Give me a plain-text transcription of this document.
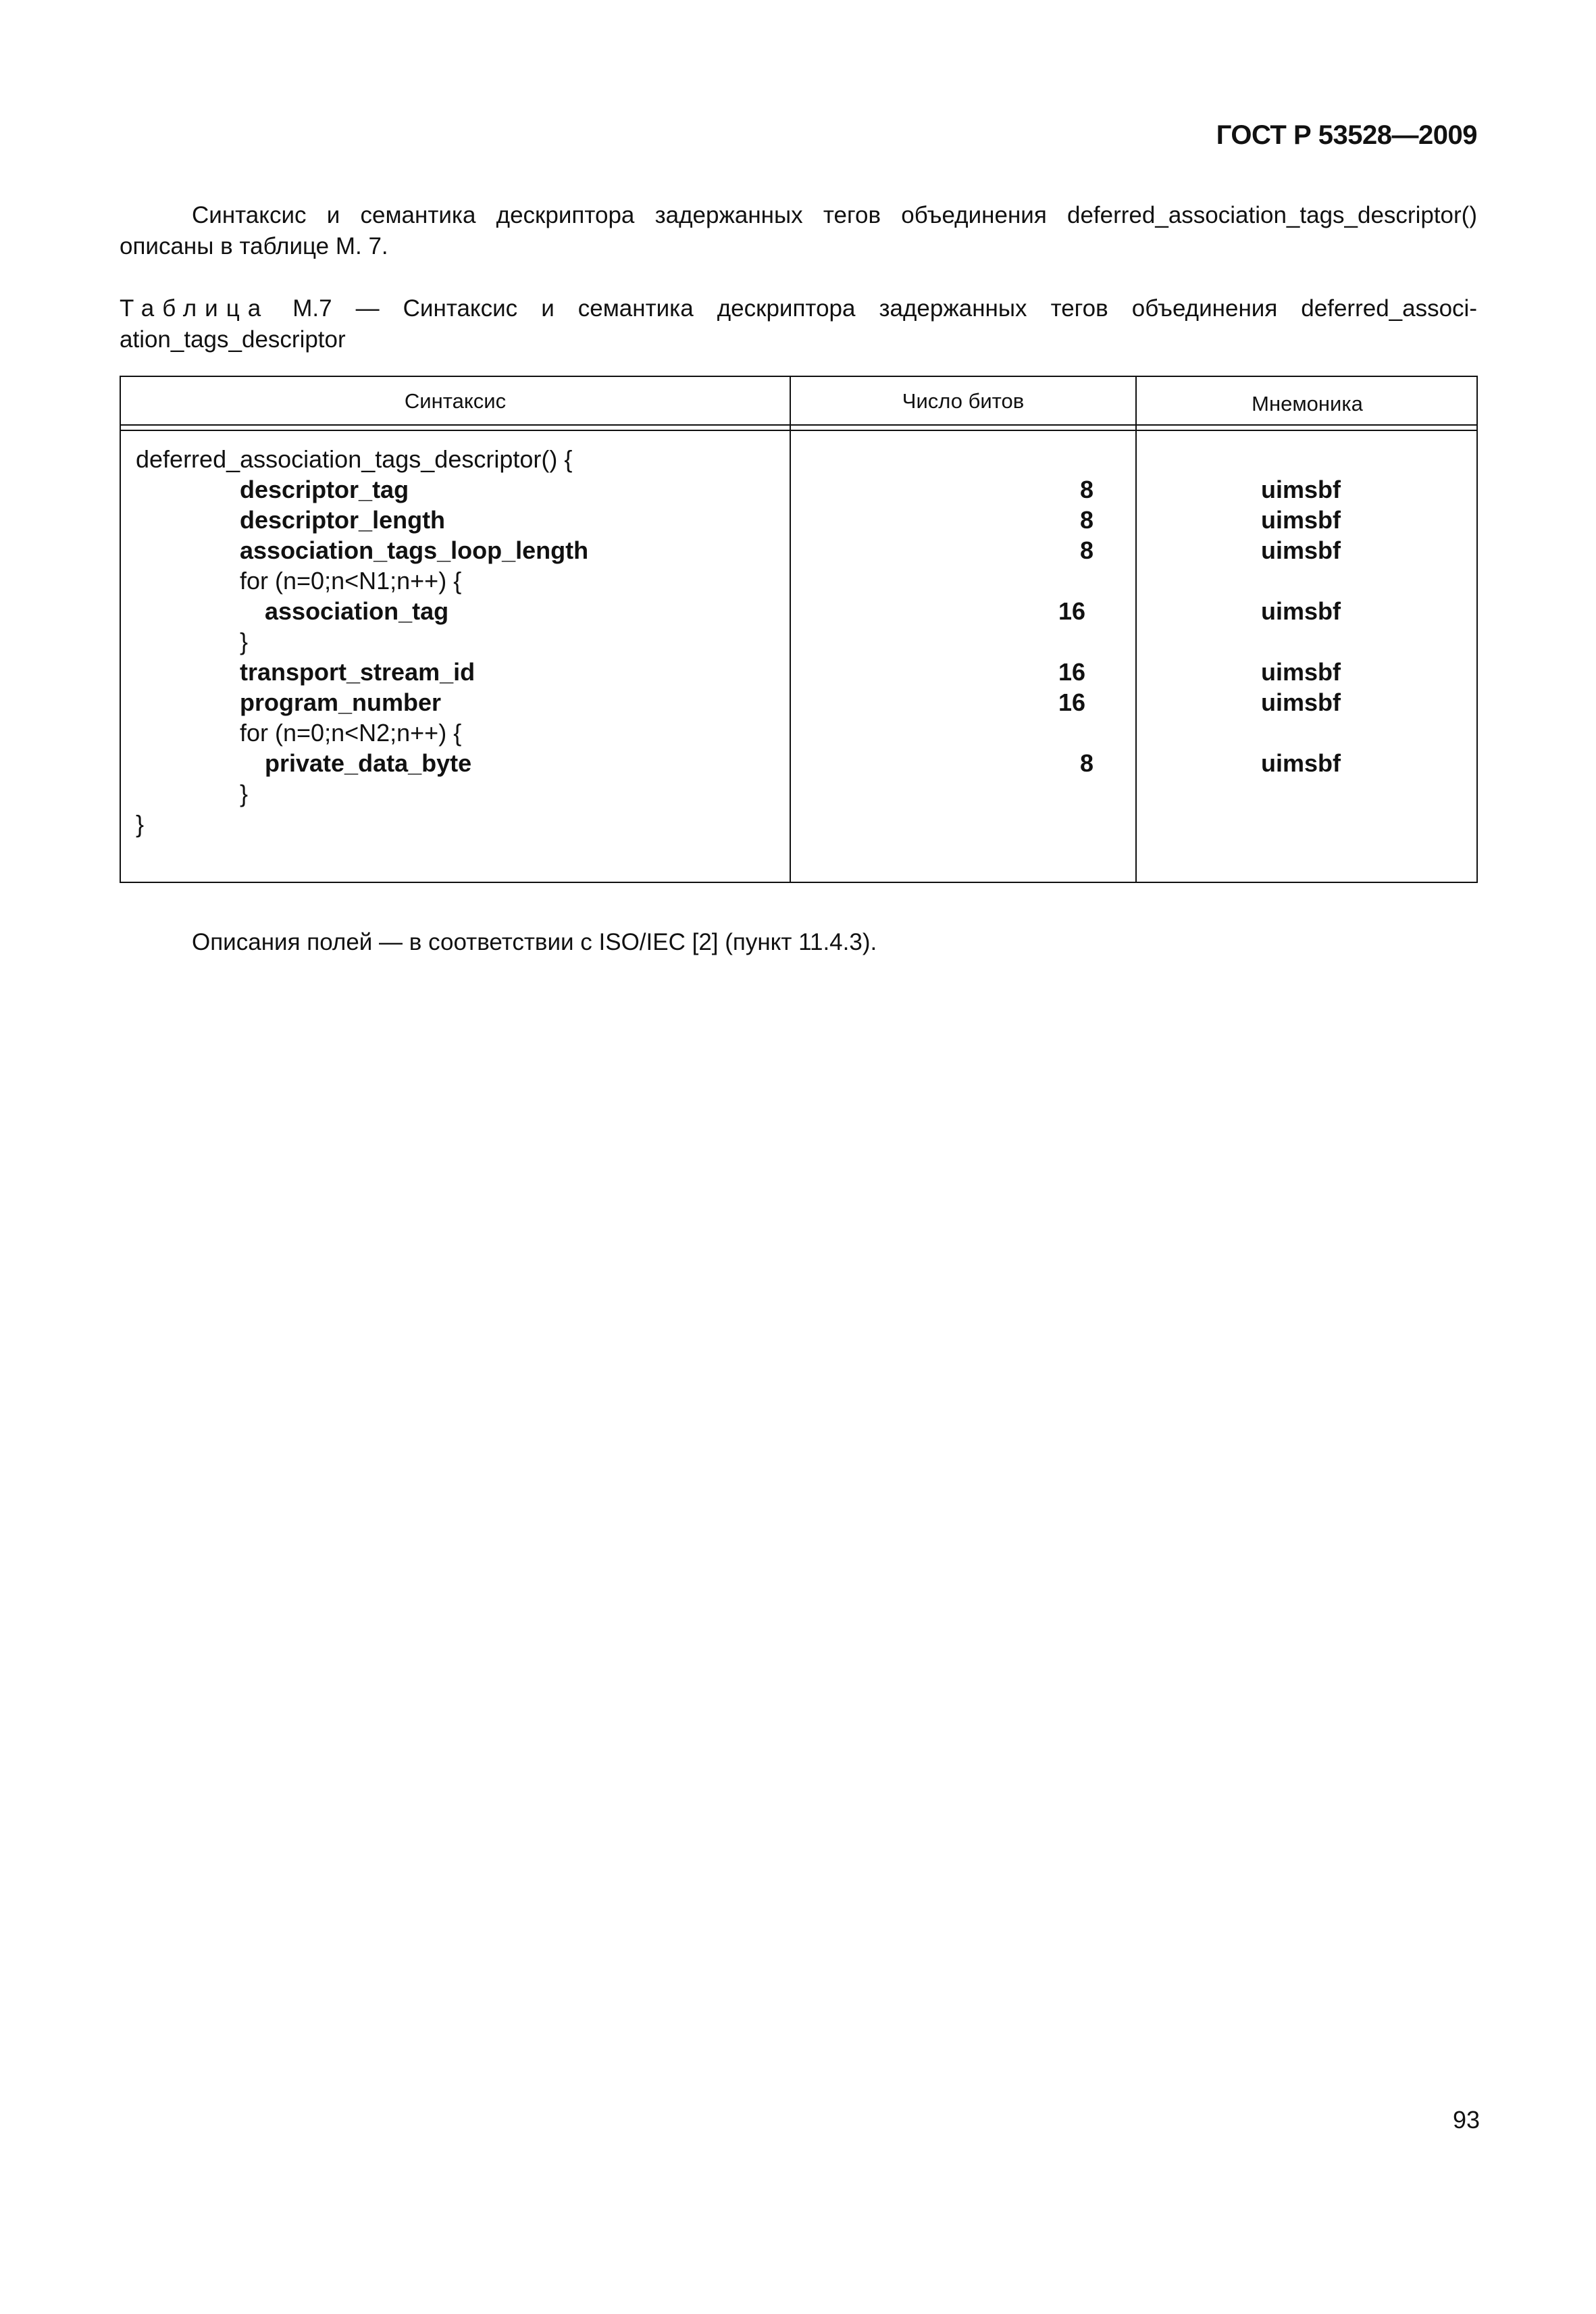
ГОСТ Р 53528—2009

Синтаксис и семантика дескриптора задержанных тегов объединения deferred_association_tags_descriptor() описаны в таблице М. 7.

Таблица М.7 — Синтаксис и семантика дескриптора задержанных тегов объединения deferred_associ-ation_tags_descriptor

Синтаксис	Число битов	Мнемоника
deferred_association_tags_descriptor() {
descriptor_tag	8	uimsbf
descriptor_length	8	uimsbf
association_tags_loop_length	8	uimsbf
for (n=0;n<N1;n++) {
association_tag	16	uimsbf
}
transport_stream_id	16	uimsbf
program_number	16	uimsbf
for (n=0;n<N2;n++) {
private_data_byte	8	uimsbf
}
}

Описания полей — в соответствии с ISO/IEC [2] (пункт 11.4.3).

93
